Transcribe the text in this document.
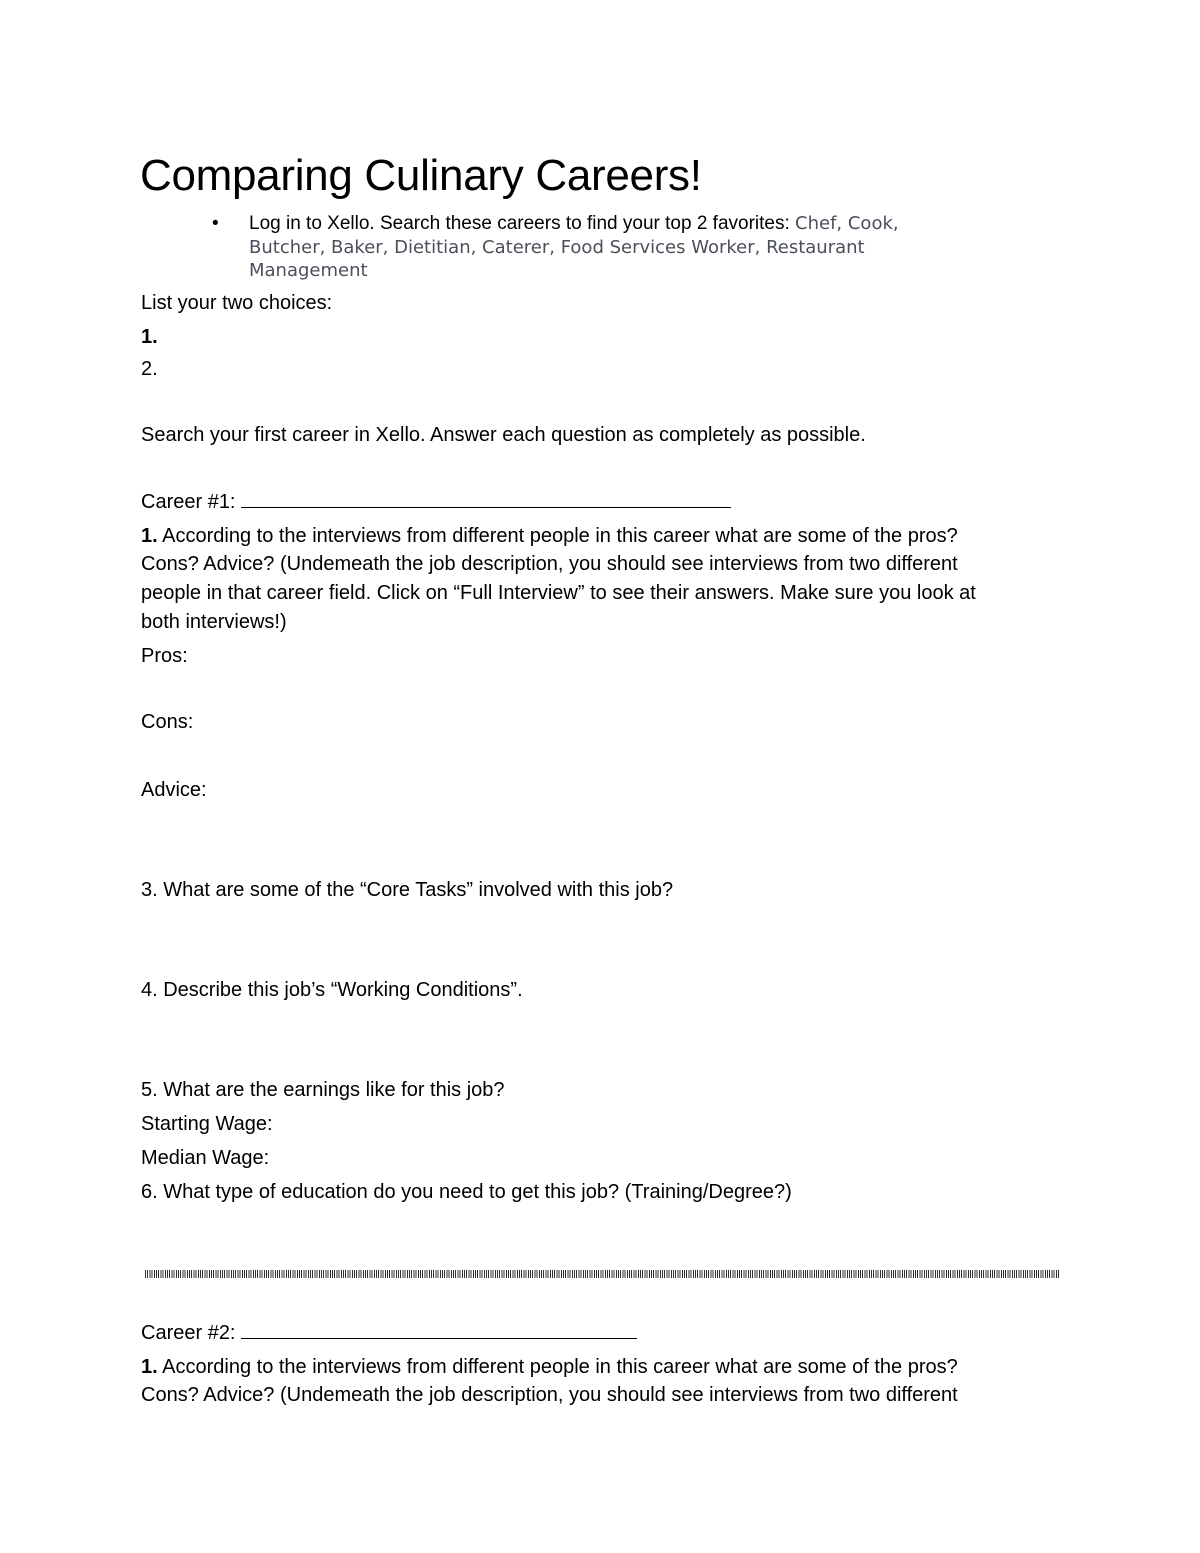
Comparing Culinary Careers!
• Log in to Xello. Search these careers to find your top 2 favorites: Chef, Cook,
Butcher, Baker, Dietitian, Caterer, Food Services Worker, Restaurant
Management
List your two choices:
1.
2.
Search your first career in Xello. Answer each question as completely as possible.
Career #1:
1. According to the interviews from different people in this career what are some of the pros?
Cons? Advice? (Undemeath the job description, you should see interviews from two different
people in that career field. Click on “Full Interview” to see their answers. Make sure you look at
both interviews!)
Pros:
Cons:
Advice:
3. What are some of the “Core Tasks” involved with this job?
4. Describe this job’s “Working Conditions”.
5. What are the earnings like for this job?
Starting Wage:
Median Wage:
6. What type of education do you need to get this job? (Training/Degree?)
Career #2:
1. According to the interviews from different people in this career what are some of the pros?
Cons? Advice? (Undemeath the job description, you should see interviews from two different
